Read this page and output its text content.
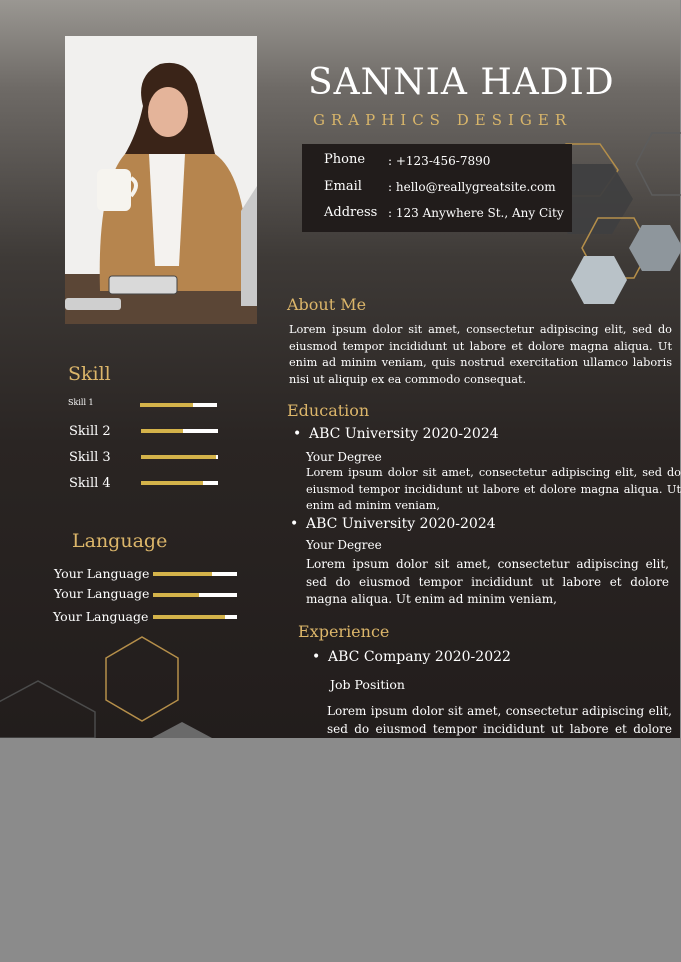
SANNIA HADID
GRAPHICS DESIGER
Phone : +123-456-7890
Email : hello@reallygreatsite.com
Address : 123 Anywhere St., Any City
About Me
Lorem ipsum dolor sit amet, consectetur adipiscing elit, sed do eiusmod tempor incididunt ut labore et dolore magna aliqua. Ut enim ad minim veniam, quis nostrud exercitation ullamco laboris nisi ut aliquip ex ea commodo consequat.
Skill
Skill 1
Skill 2
Skill 3
Skill 4
Language
Your Language
Your Language
Your Language
Education
• ABC University 2020-2024
Your Degree
Lorem ipsum dolor sit amet, consectetur adipiscing elit, sed do eiusmod tempor incididunt ut labore et dolore magna aliqua. Ut enim ad minim veniam,
• ABC University 2020-2024
Your Degree
Lorem ipsum dolor sit amet, consectetur adipiscing elit, sed do eiusmod tempor incididunt ut labore et dolore magna aliqua. Ut enim ad minim veniam,
Experience
• ABC Company 2020-2022
Job Position
Lorem ipsum dolor sit amet, consectetur adipiscing elit, sed do eiusmod tempor incididunt ut labore et dolore
